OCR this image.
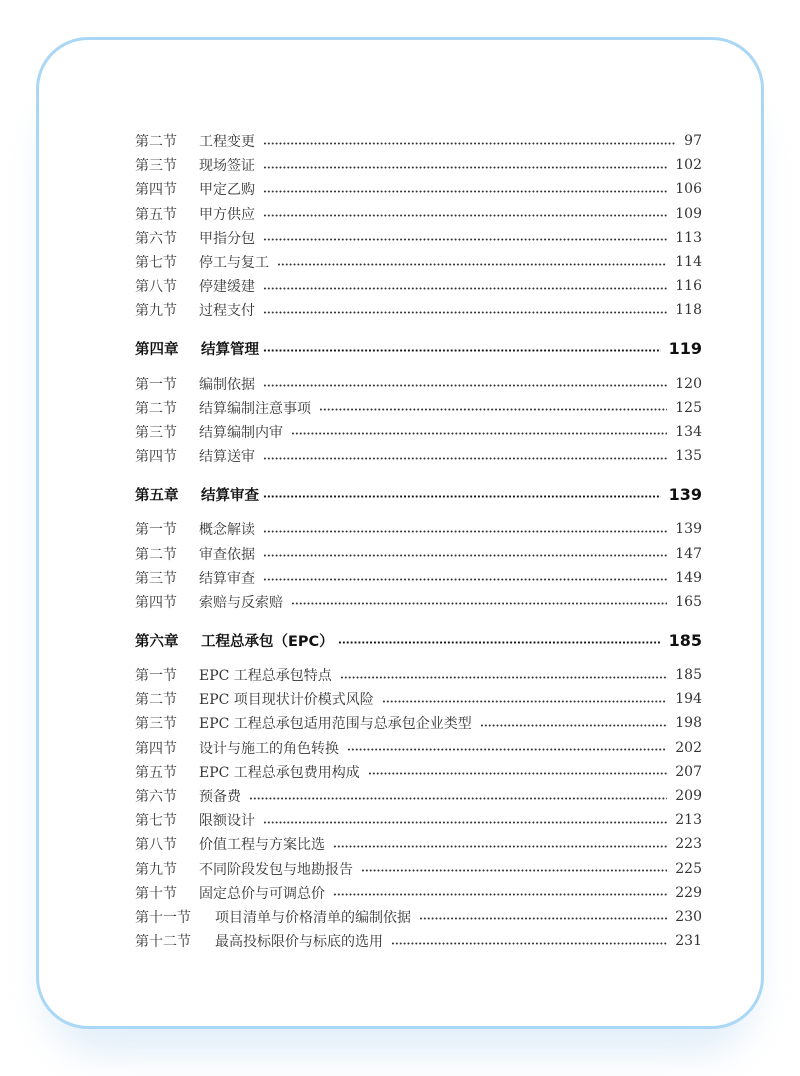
第二节	工程变更	97
第三节	现场签证	102
第四节	甲定乙购	106
第五节	甲方供应	109
第六节	甲指分包	113
第七节	停工与复工	114
第八节	停建缓建	116
第九节	过程支付	118
第四章	结算管理	119
第一节	编制依据	120
第二节	结算编制注意事项	125
第三节	结算编制内审	134
第四节	结算送审	135
第五章	结算审查	139
第一节	概念解读	139
第二节	审查依据	147
第三节	结算审查	149
第四节	索赔与反索赔	165
第六章	工程总承包（EPC）	185
第一节	EPC 工程总承包特点	185
第二节	EPC 项目现状计价模式风险	194
第三节	EPC 工程总承包适用范围与总承包企业类型	198
第四节	设计与施工的角色转换	202
第五节	EPC 工程总承包费用构成	207
第六节	预备费	209
第七节	限额设计	213
第八节	价值工程与方案比选	223
第九节	不同阶段发包与地勘报告	225
第十节	固定总价与可调总价	229
第十一节	项目清单与价格清单的编制依据	230
第十二节	最高投标限价与标底的选用	231
